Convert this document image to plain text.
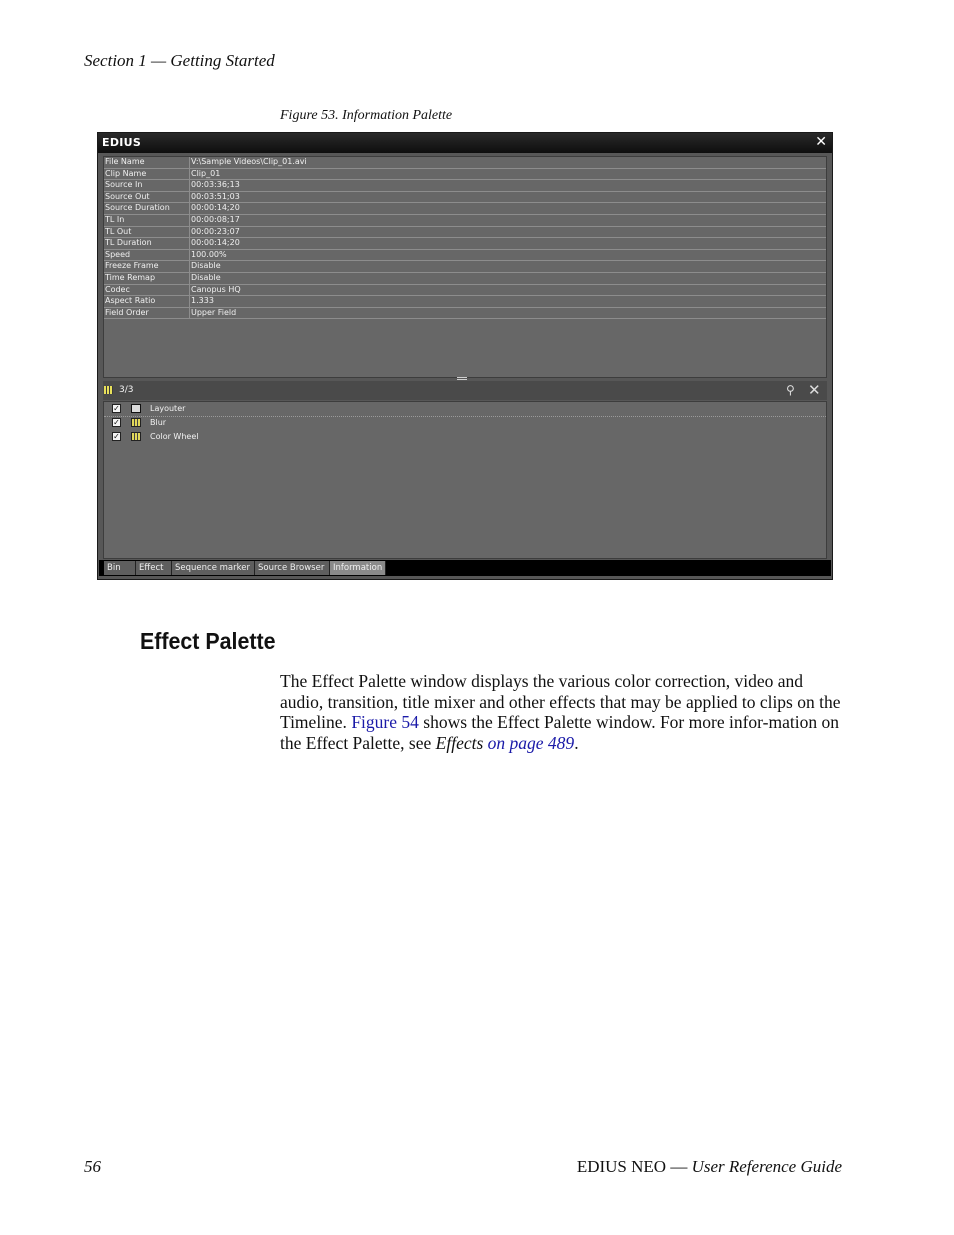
Section 1 — Getting Started
Figure 53. Information Palette
EDIUS	✕
File Name	V:\Sample Videos\Clip_01.avi
Clip Name	Clip_01
Source In	00:03:36;13
Source Out	00:03:51;03
Source Duration	00:00:14;20
TL In	00:00:08;17
TL Out	00:00:23;07
TL Duration	00:00:14;20
Speed	100.00%
Freeze Frame	Disable
Time Remap	Disable
Codec	Canopus HQ
Aspect Ratio	1.333
Field Order	Upper Field
3/3	⚲ ✕
✓	Layouter
✓	Blur
✓	Color Wheel
Bin	Effect	Sequence marker Source Browser	Information
Effect Palette
The Effect Palette window displays the various color correction, video and audio, transition, title mixer and other effects that may be applied to clips on the Timeline. Figure 54 shows the Effect Palette window. For more infor-mation on the Effect Palette, see Effects on page 489.
56	EDIUS NEO — User Reference Guide
